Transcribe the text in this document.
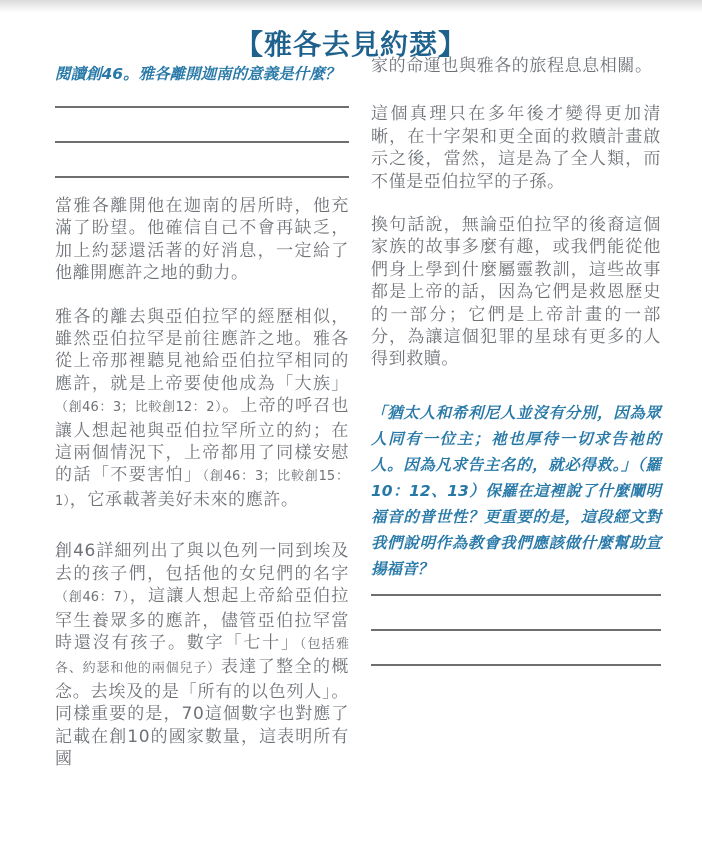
【雅各去見約瑟】

閱讀創46。雅各離開迦南的意義是什麼？

當雅各離開他在迦南的居所時，他充滿了盼望。他確信自己不會再缺乏，加上約瑟還活著的好消息，一定給了他離開應許之地的動力。

雅各的離去與亞伯拉罕的經歷相似，雖然亞伯拉罕是前往應許之地。雅各從上帝那裡聽見祂給亞伯拉罕相同的應許，就是上帝要使他成為「大族」（創46：3；比較創12：2）。上帝的呼召也讓人想起祂與亞伯拉罕所立的約；在這兩個情況下，上帝都用了同樣安慰的話「不要害怕」（創46：3；比較創15：1），它承載著美好未來的應許。

創46詳細列出了與以色列一同到埃及去的孩子們，包括他的女兒們的名字（創46：7），這讓人想起上帝給亞伯拉罕生養眾多的應許，儘管亞伯拉罕當時還沒有孩子。數字「七十」（包括雅各、約瑟和他的兩個兒子）表達了整全的概念。去埃及的是「所有的以色列人」。同樣重要的是，70這個數字也對應了記載在創10的國家數量，這表明所有國

家的命運也與雅各的旅程息息相關。

這個真理只在多年後才變得更加清晰，在十字架和更全面的救贖計畫啟示之後，當然，這是為了全人類，而不僅是亞伯拉罕的子孫。

換句話說，無論亞伯拉罕的後裔這個家族的故事多麼有趣，或我們能從他們身上學到什麼屬靈教訓，這些故事都是上帝的話，因為它們是救恩歷史的一部分；它們是上帝計畫的一部分，為讓這個犯罪的星球有更多的人得到救贖。

「猶太人和希利尼人並沒有分別，因為眾人同有一位主；祂也厚待一切求告祂的人。因為凡求告主名的，就必得救。」（羅10：12、13）保羅在這裡說了什麼闡明福音的普世性？更重要的是，這段經文對我們說明作為教會我們應該做什麼幫助宣揚福音？
